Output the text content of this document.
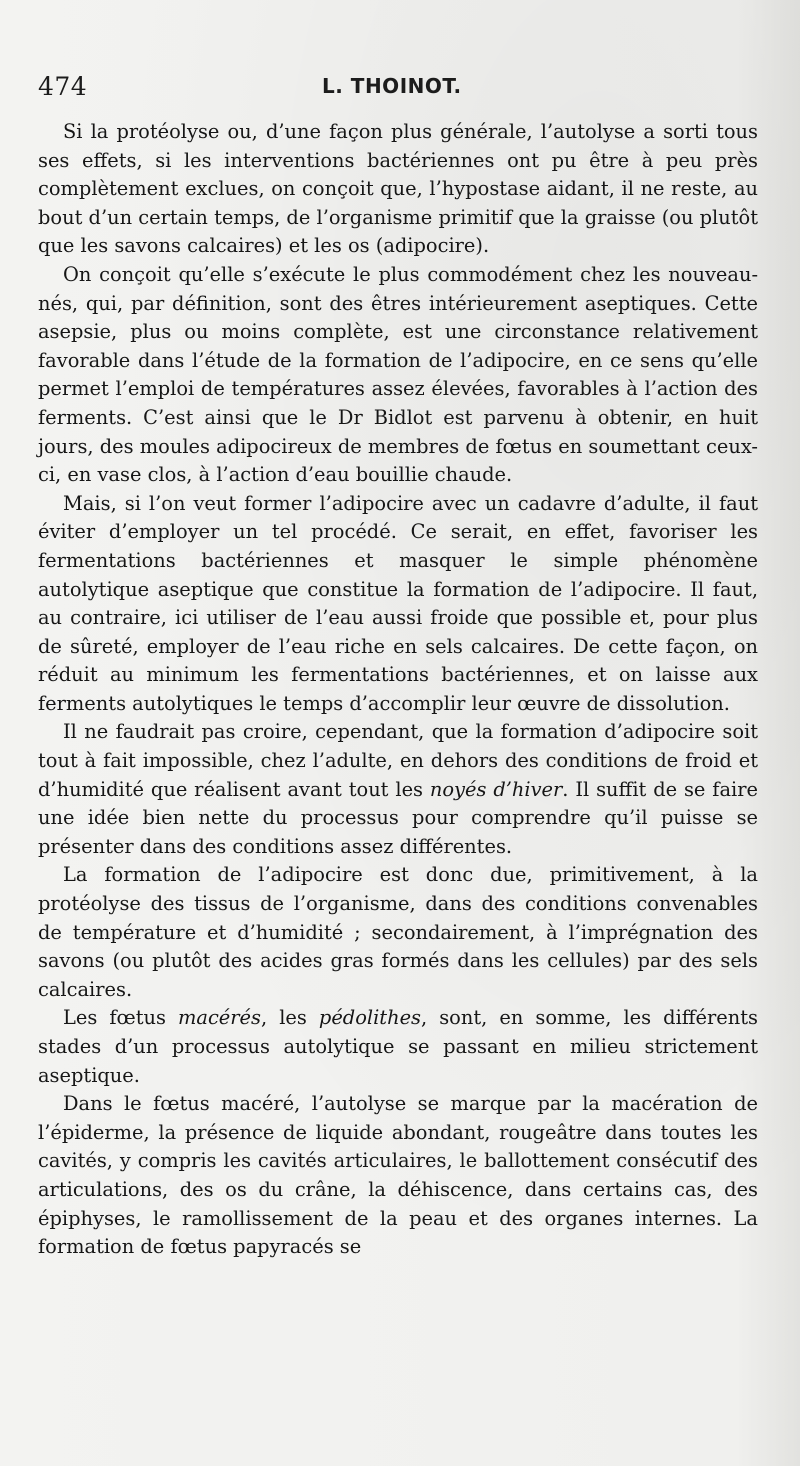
474	L. THOINOT.

Si la protéolyse ou, d’une façon plus générale, l’autolyse a sorti tous ses effets, si les interventions bactériennes ont pu être à peu près complètement exclues, on conçoit que, l’hypostase aidant, il ne reste, au bout d’un certain temps, de l’organisme primitif que la graisse (ou plutôt que les savons calcaires) et les os (adipocire).

On conçoit qu’elle s’exécute le plus commodément chez les nouveau-nés, qui, par définition, sont des êtres intérieurement aseptiques. Cette asepsie, plus ou moins complète, est une circonstance relativement favorable dans l’étude de la formation de l’adipocire, en ce sens qu’elle permet l’emploi de températures assez élevées, favorables à l’action des ferments. C’est ainsi que le Dr Bidlot est parvenu à obtenir, en huit jours, des moules adipocireux de membres de fœtus en soumettant ceux-ci, en vase clos, à l’action d’eau bouillie chaude.

Mais, si l’on veut former l’adipocire avec un cadavre d’adulte, il faut éviter d’employer un tel procédé. Ce serait, en effet, favoriser les fermentations bactériennes et masquer le simple phénomène autolytique aseptique que constitue la formation de l’adipocire. Il faut, au contraire, ici utiliser de l’eau aussi froide que possible et, pour plus de sûreté, employer de l’eau riche en sels calcaires. De cette façon, on réduit au minimum les fermentations bactériennes, et on laisse aux ferments autolytiques le temps d’accomplir leur œuvre de dissolution.

Il ne faudrait pas croire, cependant, que la formation d’adipocire soit tout à fait impossible, chez l’adulte, en dehors des conditions de froid et d’humidité que réalisent avant tout les noyés d’hiver. Il suffit de se faire une idée bien nette du processus pour comprendre qu’il puisse se présenter dans des conditions assez différentes.

La formation de l’adipocire est donc due, primitivement, à la protéolyse des tissus de l’organisme, dans des conditions convenables de température et d’humidité ; secondairement, à l’imprégnation des savons (ou plutôt des acides gras formés dans les cellules) par des sels calcaires.

Les fœtus macérés, les pédolithes, sont, en somme, les différents stades d’un processus autolytique se passant en milieu strictement aseptique.

Dans le fœtus macéré, l’autolyse se marque par la macération de l’épiderme, la présence de liquide abondant, rougeâtre dans toutes les cavités, y compris les cavités articulaires, le ballottement consécutif des articulations, des os du crâne, la déhiscence, dans certains cas, des épiphyses, le ramollissement de la peau et des organes internes. La formation de fœtus papyracés se
